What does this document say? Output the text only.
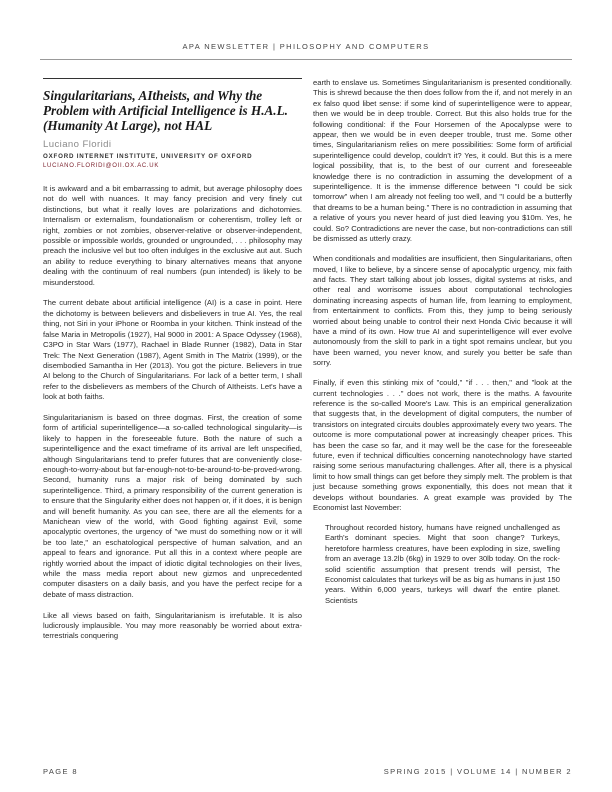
APA NEWSLETTER | PHILOSOPHY AND COMPUTERS
Singularitarians, AItheists, and Why the Problem with Artificial Intelligence is H.A.L. (Humanity At Large), not HAL
Luciano Floridi
OXFORD INTERNET INSTITUTE, UNIVERSITY OF OXFORD
LUCIANO.FLORIDI@OII.OX.AC.UK

It is awkward and a bit embarrassing to admit, but average philosophy does not do well with nuances. It may fancy precision and very finely cut distinctions, but what it really loves are polarizations and dichotomies. Internalism or externalism, foundationalism or coherentism, trolley left or right, zombies or not zombies, observer-relative or observer-independent, possible or impossible worlds, grounded or ungrounded, . . . philosophy may preach the inclusive vel but too often indulges in the exclusive aut aut. Such an ability to reduce everything to binary alternatives means that anyone dealing with the continuum of real numbers (pun intended) is likely to be misunderstood.

The current debate about artificial intelligence (AI) is a case in point. Here the dichotomy is between believers and disbelievers in true AI. Yes, the real thing, not Siri in your iPhone or Roomba in your kitchen. Think instead of the false Maria in Metropolis (1927), Hal 9000 in 2001: A Space Odyssey (1968), C3PO in Star Wars (1977), Rachael in Blade Runner (1982), Data in Star Trek: The Next Generation (1987), Agent Smith in The Matrix (1999), or the disembodied Samantha in Her (2013). You got the picture. Believers in true AI belong to the Church of Singularitarians. For lack of a better term, I shall refer to the disbelievers as members of the Church of AItheists. Let's have a look at both faiths.

Singularitarianism is based on three dogmas. First, the creation of some form of artificial superintelligence—a so-called technological singularity—is likely to happen in the foreseeable future. Both the nature of such a superintelligence and the exact timeframe of its arrival are left unspecified, although Singularitarians tend to prefer futures that are conveniently close-enough-to-worry-about but far-enough-not-to-be-around-to-be-proved-wrong. Second, humanity runs a major risk of being dominated by such superintelligence. Third, a primary responsibility of the current generation is to ensure that the Singularity either does not happen or, if it does, it is benign and will benefit humanity. As you can see, there are all the elements for a Manichean view of the world, with Good fighting against Evil, some apocalyptic overtones, the urgency of "we must do something now or it will be too late," an eschatological perspective of human salvation, and an appeal to fears and ignorance. Put all this in a context where people are rightly worried about the impact of idiotic digital technologies on their lives, while the mass media report about new gizmos and unprecedented computer disasters on a daily basis, and you have the perfect recipe for a debate of mass distraction.

Like all views based on faith, Singularitarianism is irrefutable. It is also ludicrously implausible. You may more reasonably be worried about extra-terrestrials conquering

earth to enslave us. Sometimes Singularitarianism is presented conditionally. This is shrewd because the then does follow from the if, and not merely in an ex falso quod libet sense: if some kind of superintelligence were to appear, then we would be in deep trouble. Correct. But this also holds true for the following conditional: if the Four Horsemen of the Apocalypse were to appear, then we would be in even deeper trouble, trust me. Some other times, Singularitarianism relies on mere possibilities: Some form of artificial superintelligence could develop, couldn't it? Yes, it could. But this is a mere logical possibility, that is, to the best of our current and foreseeable knowledge there is no contradiction in assuming the development of a superintelligence. It is the immense difference between "I could be sick tomorrow" when I am already not feeling too well, and "I could be a butterfly that dreams to be a human being." There is no contradiction in assuming that a relative of yours you never heard of just died leaving you $10m. Yes, he could. So? Contradictions are never the case, but non-contradictions can still be dismissed as utterly crazy.

When conditionals and modalities are insufficient, then Singularitarians, often moved, I like to believe, by a sincere sense of apocalyptic urgency, mix faith and facts. They start talking about job losses, digital systems at risks, and other real and worrisome issues about computational technologies dominating increasing aspects of human life, from learning to employment, from entertainment to conflicts. From this, they jump to being seriously worried about being unable to control their next Honda Civic because it will have a mind of its own. How true AI and superintelligence will ever evolve autonomously from the skill to park in a tight spot remains unclear, but you have been warned, you never know, and surely you better be safe than sorry.

Finally, if even this stinking mix of "could," "if . . . then," and "look at the current technologies . . ." does not work, there is the maths. A favourite reference is the so-called Moore's Law. This is an empirical generalization that suggests that, in the development of digital computers, the number of transistors on integrated circuits doubles approximately every two years. The outcome is more computational power at increasingly cheaper prices. This has been the case so far, and it may well be the case for the foreseeable future, even if technical difficulties concerning nanotechnology have started raising some serious manufacturing challenges. After all, there is a physical limit to how small things can get before they simply melt. The problem is that just because something grows exponentially, this does not mean that it develops without boundaries. A great example was provided by The Economist last November:

Throughout recorded history, humans have reigned unchallenged as Earth's dominant species. Might that soon change? Turkeys, heretofore harmless creatures, have been exploding in size, swelling from an average 13.2lb (6kg) in 1929 to over 30lb today. On the rock-solid scientific assumption that present trends will persist, The Economist calculates that turkeys will be as big as humans in just 150 years. Within 6,000 years, turkeys will dwarf the entire planet. Scientists

PAGE 8	SPRING 2015 | VOLUME 14 | NUMBER 2
